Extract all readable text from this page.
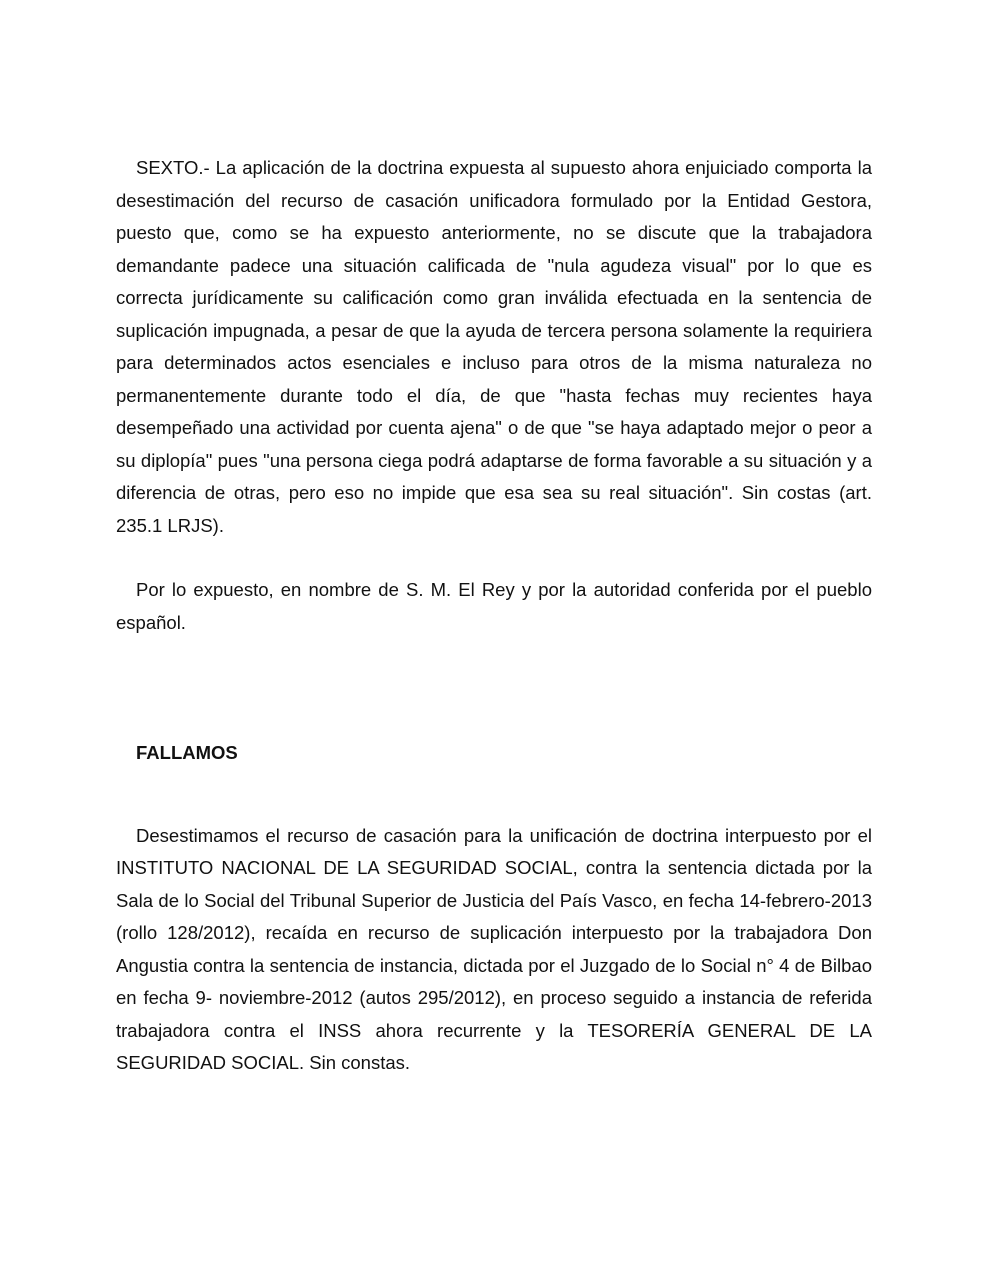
SEXTO.- La aplicación de la doctrina expuesta al supuesto ahora enjuiciado comporta la desestimación del recurso de casación unificadora formulado por la Entidad Gestora, puesto que, como se ha expuesto anteriormente, no se discute que la trabajadora demandante padece una situación calificada de "nula agudeza visual" por lo que es correcta jurídicamente su calificación como gran inválida efectuada en la sentencia de suplicación impugnada, a pesar de que la ayuda de tercera persona solamente la requiriera para determinados actos esenciales e incluso para otros de la misma naturaleza no permanentemente durante todo el día, de que "hasta fechas muy recientes haya desempeñado una actividad por cuenta ajena" o de que "se haya adaptado mejor o peor a su diplopía" pues "una persona ciega podrá adaptarse de forma favorable a su situación y a diferencia de otras, pero eso no impide que esa sea su real situación". Sin costas (art. 235.1 LRJS).

Por lo expuesto, en nombre de S. M. El Rey y por la autoridad conferida por el pueblo español.

FALLAMOS

Desestimamos el recurso de casación para la unificación de doctrina interpuesto por el INSTITUTO NACIONAL DE LA SEGURIDAD SOCIAL, contra la sentencia dictada por la Sala de lo Social del Tribunal Superior de Justicia del País Vasco, en fecha 14-febrero-2013 (rollo 128/2012), recaída en recurso de suplicación interpuesto por la trabajadora Don Angustia contra la sentencia de instancia, dictada por el Juzgado de lo Social n° 4 de Bilbao en fecha 9- noviembre-2012 (autos 295/2012), en proceso seguido a instancia de referida trabajadora contra el INSS ahora recurrente y la TESORERÍA GENERAL DE LA SEGURIDAD SOCIAL. Sin constas.
